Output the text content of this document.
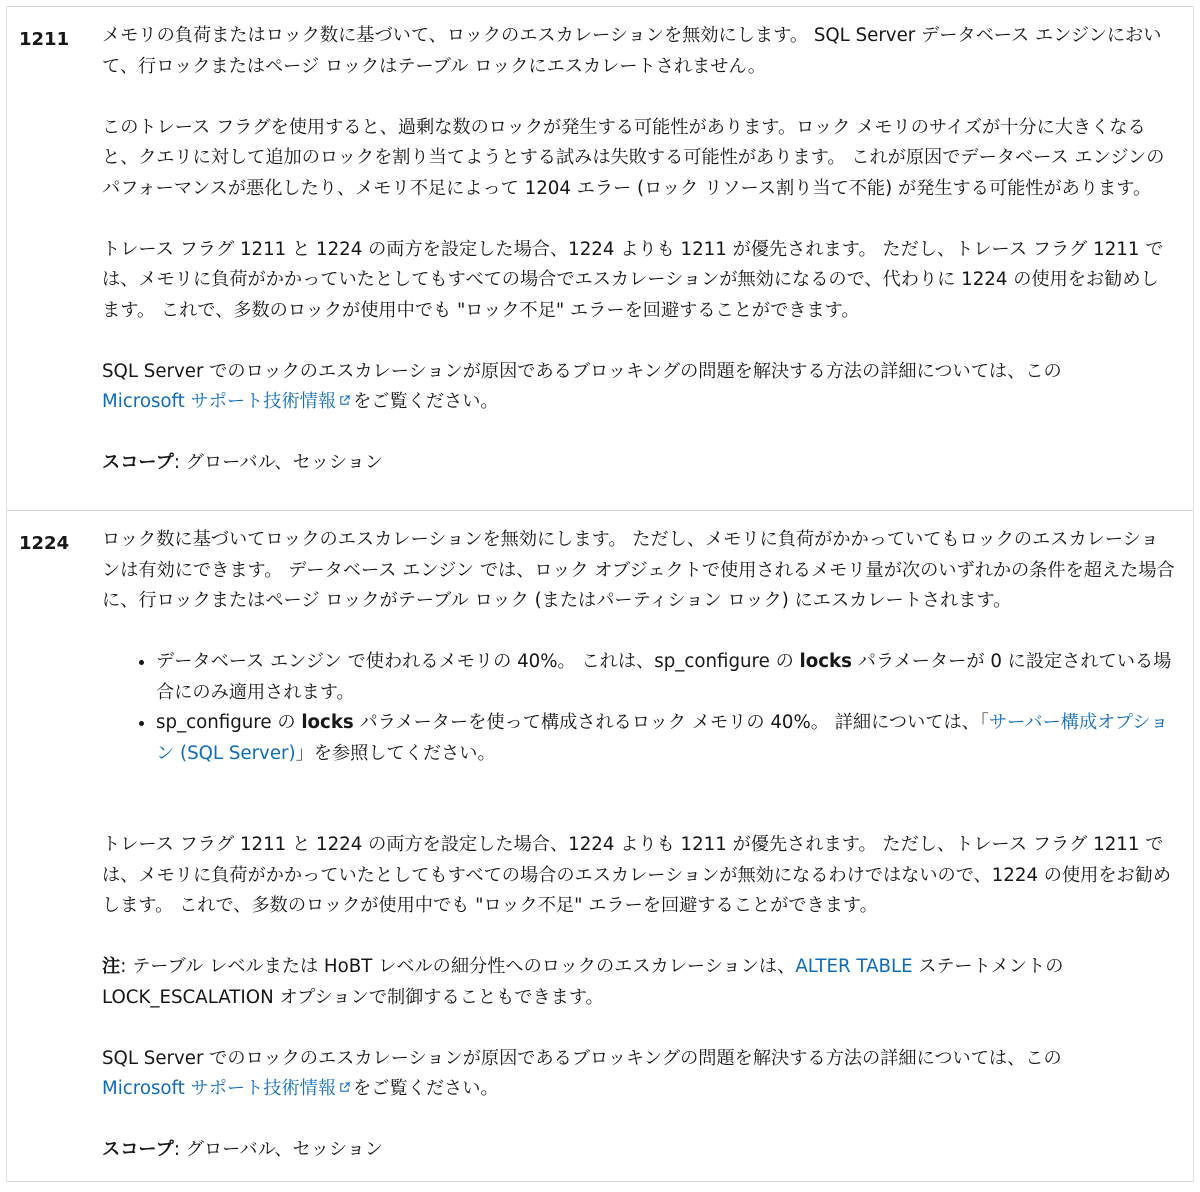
1211 メモリの負荷またはロック数に基づいて、ロックのエスカレーションを無効にします。 SQL Server データベース エンジンにおいて、行ロックまたはページ ロックはテーブル ロックにエスカレートされません。

このトレース フラグを使用すると、過剰な数のロックが発生する可能性があります。ロック メモリのサイズが十分に大きくなると、クエリに対して追加のロックを割り当てようとする試みは失敗する可能性があります。 これが原因でデータベース エンジンのパフォーマンスが悪化したり、メモリ不足によって 1204 エラー (ロック リソース割り当て不能) が発生する可能性があります。

トレース フラグ 1211 と 1224 の両方を設定した場合、1224 よりも 1211 が優先されます。 ただし、トレース フラグ 1211 では、メモリに負荷がかかっていたとしてもすべての場合でエスカレーションが無効になるので、代わりに 1224 の使用をお勧めします。 これで、多数のロックが使用中でも "ロック不足" エラーを回避することができます。

SQL Server でのロックのエスカレーションが原因であるブロッキングの問題を解決する方法の詳細については、この
Microsoft サポート技術情報 をご覧ください。

スコープ: グローバル、セッション

1224 ロック数に基づいてロックのエスカレーションを無効にします。 ただし、メモリに負荷がかかっていてもロックのエスカレーションは有効にできます。 データベース エンジン では、ロック オブジェクトで使用されるメモリ量が次のいずれかの条件を超えた場合に、行ロックまたはページ ロックがテーブル ロック (またはパーティション ロック) にエスカレートされます。

• データベース エンジン で使われるメモリの 40%。 これは、sp_configure の locks パラメーターが 0 に設定されている場合にのみ適用されます。
• sp_configure の locks パラメーターを使って構成されるロック メモリの 40%。 詳細については、「サーバー構成オプション (SQL Server)」を参照してください。

トレース フラグ 1211 と 1224 の両方を設定した場合、1224 よりも 1211 が優先されます。 ただし、トレース フラグ 1211 では、メモリに負荷がかかっていたとしてもすべての場合のエスカレーションが無効になるわけではないので、1224 の使用をお勧めします。 これで、多数のロックが使用中でも "ロック不足" エラーを回避することができます。

注: テーブル レベルまたは HoBT レベルの細分性へのロックのエスカレーションは、ALTER TABLE ステートメントの LOCK_ESCALATION オプションで制御することもできます。

SQL Server でのロックのエスカレーションが原因であるブロッキングの問題を解決する方法の詳細については、この
Microsoft サポート技術情報 をご覧ください。

スコープ: グローバル、セッション
